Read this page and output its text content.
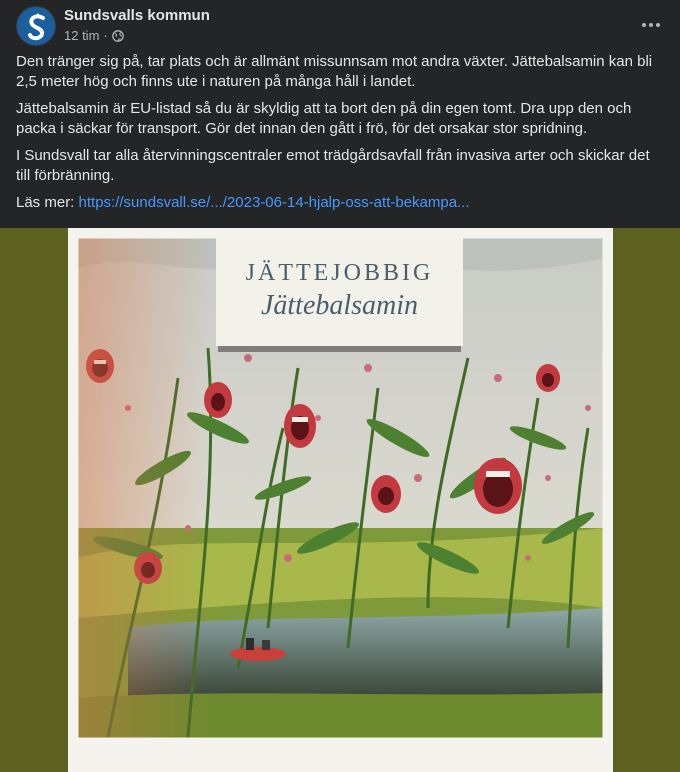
Sundsvalls kommun
12 tim ·

Den tränger sig på, tar plats och är allmänt missunnsam mot andra växter. Jättebalsamin kan bli 2,5 meter hög och finns ute i naturen på många håll i landet.

Jättebalsamin är EU-listad så du är skyldig att ta bort den på din egen tomt. Dra upp den och packa i säckar för transport. Gör det innan den gått i frö, för det orsakar stor spridning.

I Sundsvall tar alla återvinningscentraler emot trädgårdsavfall från invasiva arter och skickar det till förbränning.

Läs mer: https://sundsvall.se/.../2023-06-14-hjalp-oss-att-bekampa...

JÄTTEJOBBIG
Jättebalsamin
